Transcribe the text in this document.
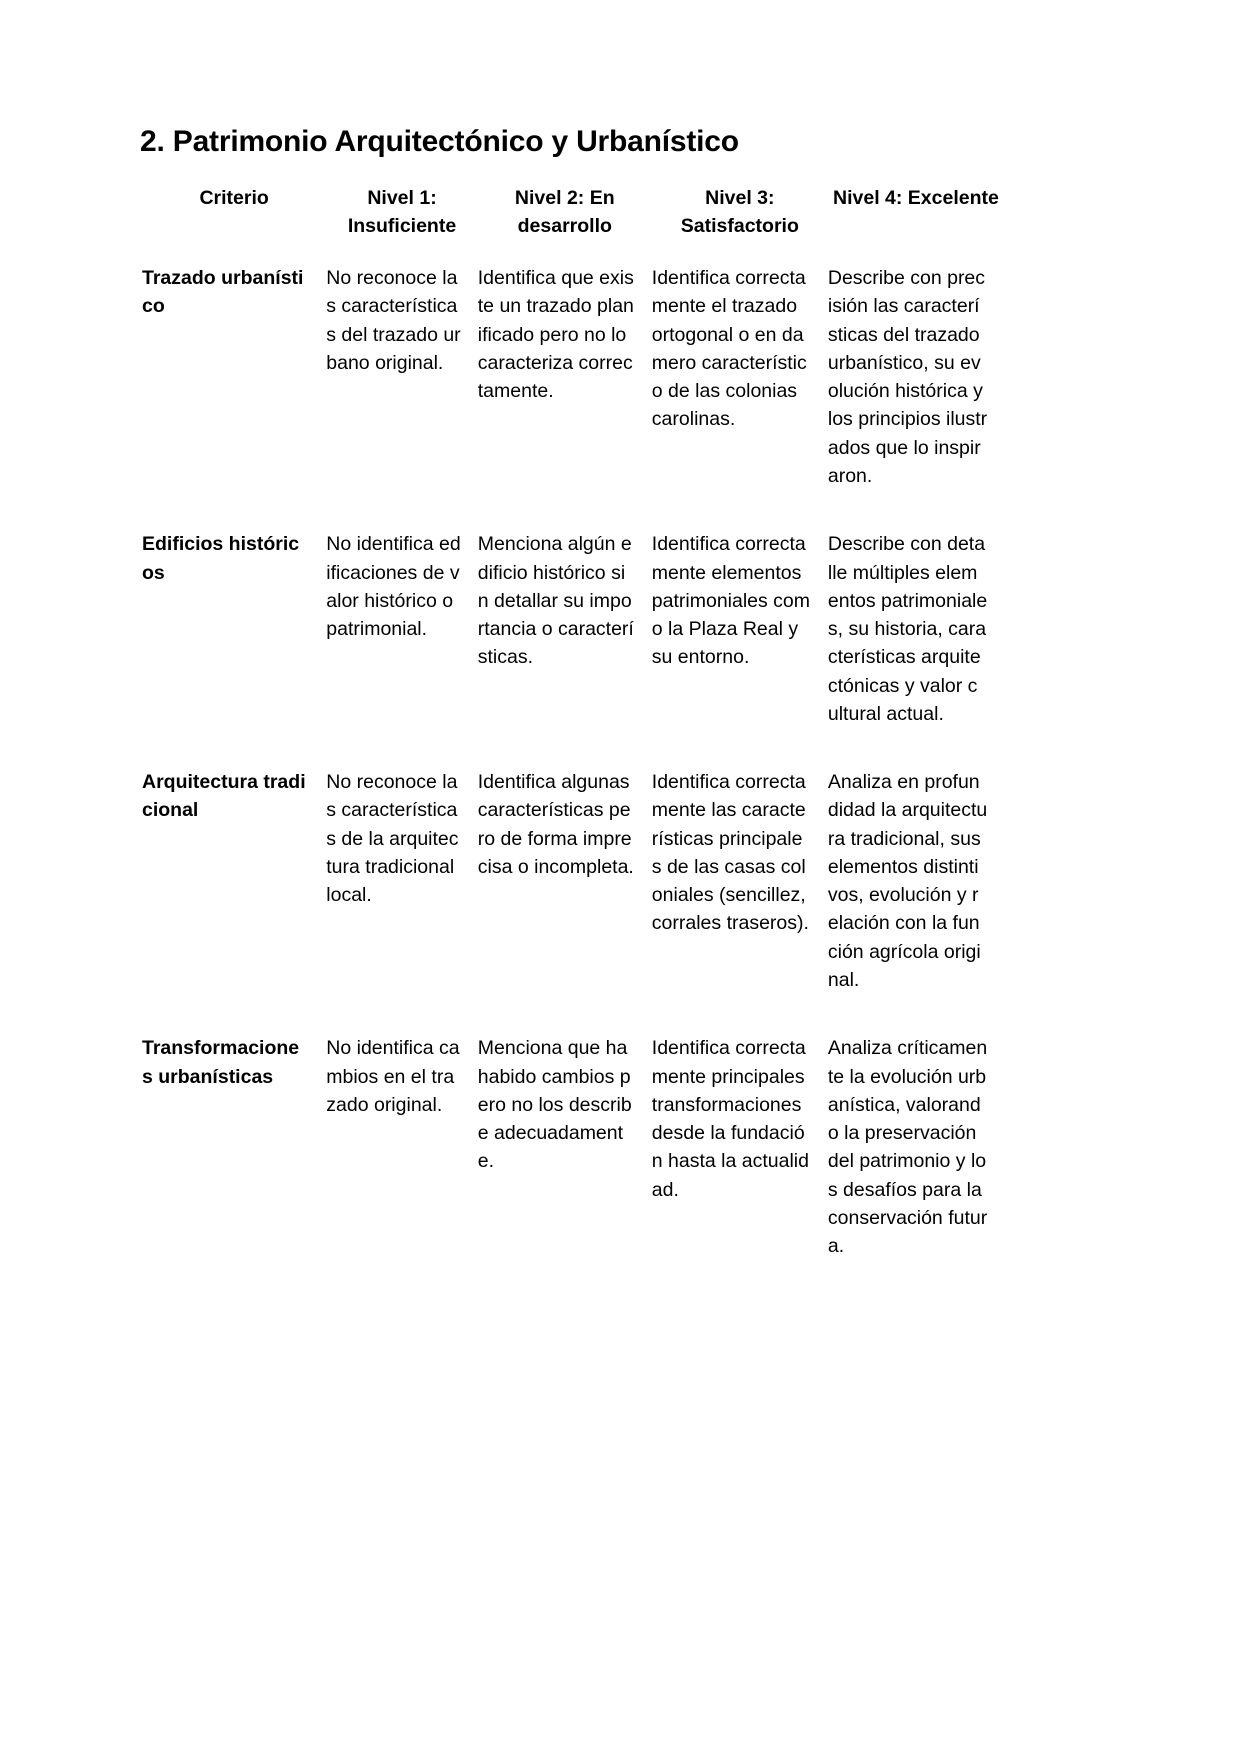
2. Patrimonio Arquitectónico y Urbanístico
Criterio	Nivel 1: Insuficiente	Nivel 2: En desarrollo	Nivel 3: Satisfactorio	Nivel 4: Excelente
Trazado urbanístico	No reconoce las características del trazado urbano original.	Identifica que existe un trazado planificado pero no lo caracteriza correctamente.	Identifica correctamente el trazado ortogonal o en damero característico de las colonias carolinas.	Describe con precisión las características del trazado urbanístico, su evolución histórica y los principios ilustrados que lo inspiraron.
Edificios históricos	No identifica edificaciones de valor histórico o patrimonial.	Menciona algún edificio histórico sin detallar su importancia o características.	Identifica correctamente elementos patrimoniales como la Plaza Real y su entorno.	Describe con detalle múltiples elementos patrimoniales, su historia, características arquitectónicas y valor cultural actual.
Arquitectura tradicional	No reconoce las características de la arquitectura tradicional local.	Identifica algunas características pero de forma imprecisa o incompleta.	Identifica correctamente las características principales de las casas coloniales (sencillez, corrales traseros).	Analiza en profundidad la arquitectura tradicional, sus elementos distintivos, evolución y relación con la función agrícola original.
Transformaciones urbanísticas	No identifica cambios en el trazado original.	Menciona que ha habido cambios pero no los describe adecuadamente.	Identifica correctamente principales transformaciones desde la fundación hasta la actualidad.	Analiza críticamente la evolución urbanística, valorando la preservación del patrimonio y los desafíos para la conservación futura.
